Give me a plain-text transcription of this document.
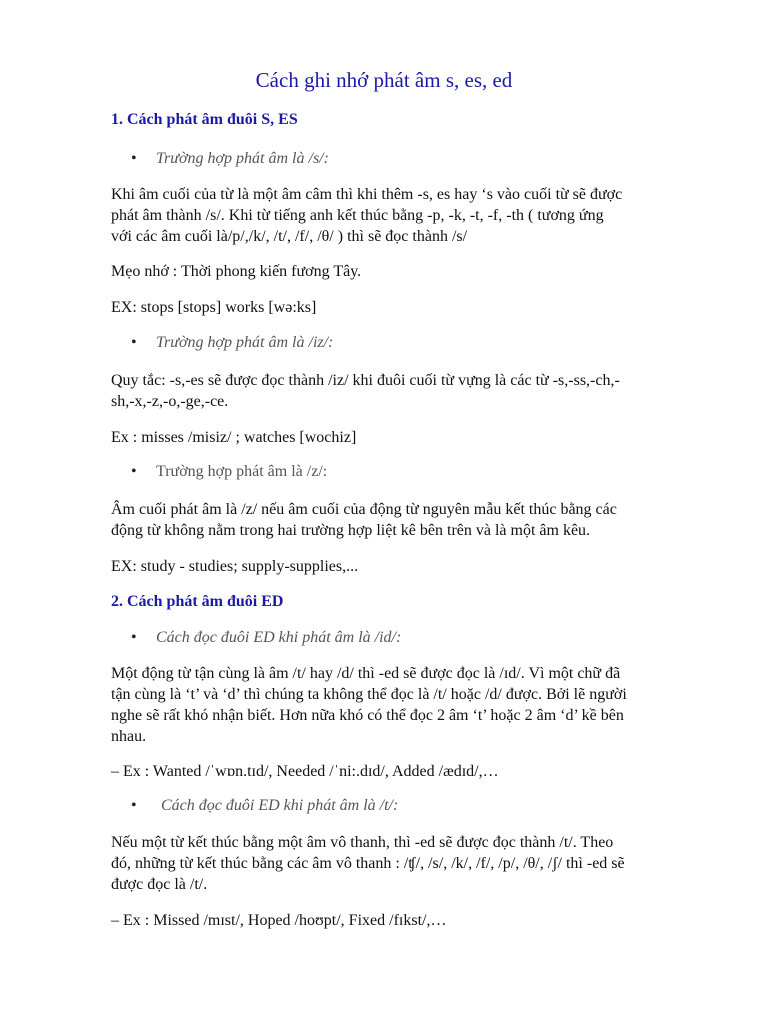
Cách ghi nhớ phát âm s, es, ed
1. Cách phát âm đuôi S, ES

• Trường hợp phát âm là /s/:

Khi âm cuối của từ là một âm câm thì khi thêm -s, es hay ‘s vào cuối từ sẽ được
phát âm thành /s/. Khi từ tiếng anh kết thúc bằng -p, -k, -t, -f, -th ( tương ứng
với các âm cuối là/p/,/k/, /t/, /f/, /θ/ ) thì sẽ đọc thành /s/

Mẹo nhớ : Thời phong kiến fương Tây.

EX: stops [stops] works [wə:ks]

• Trường hợp phát âm là /iz/:

Quy tắc: -s,-es sẽ được đọc thành /iz/ khi đuôi cuối từ vựng là các từ -s,-ss,-ch,-
sh,-x,-z,-o,-ge,-ce.

Ex : misses /misiz/ ; watches [wochiz]

• Trường hợp phát âm là /z/:

Âm cuối phát âm là /z/ nếu âm cuối của động từ nguyên mẫu kết thúc bằng các
động từ không nằm trong hai trường hợp liệt kê bên trên và là một âm kêu.

EX: study - studies; supply-supplies,...

2. Cách phát âm đuôi ED

• Cách đọc đuôi ED khi phát âm là /id/:

Một động từ tận cùng là âm /t/ hay /d/ thì -ed sẽ được đọc là /ɪd/. Vì một chữ đã
tận cùng là ‘t’ và ‘d’ thì chúng ta không thể đọc là /t/ hoặc /d/ được. Bởi lẽ người
nghe sẽ rất khó nhận biết. Hơn nữa khó có thể đọc 2 âm ‘t’ hoặc 2 âm ‘d’ kề bên
nhau.

– Ex : Wanted /ˈwɒn.tɪd/, Needed /ˈni:.dɪd/, Added /ædɪd/,…

• Cách đọc đuôi ED khi phát âm là /t/:

Nếu một từ kết thúc bằng một âm vô thanh, thì -ed sẽ được đọc thành /t/. Theo
đó, những từ kết thúc bằng các âm vô thanh : /ʧ/, /s/, /k/, /f/, /p/, /θ/, /ʃ/ thì -ed sẽ
được đọc là /t/.

– Ex : Missed /mɪst/, Hoped /hoʊpt/, Fixed /fɪkst/,…
